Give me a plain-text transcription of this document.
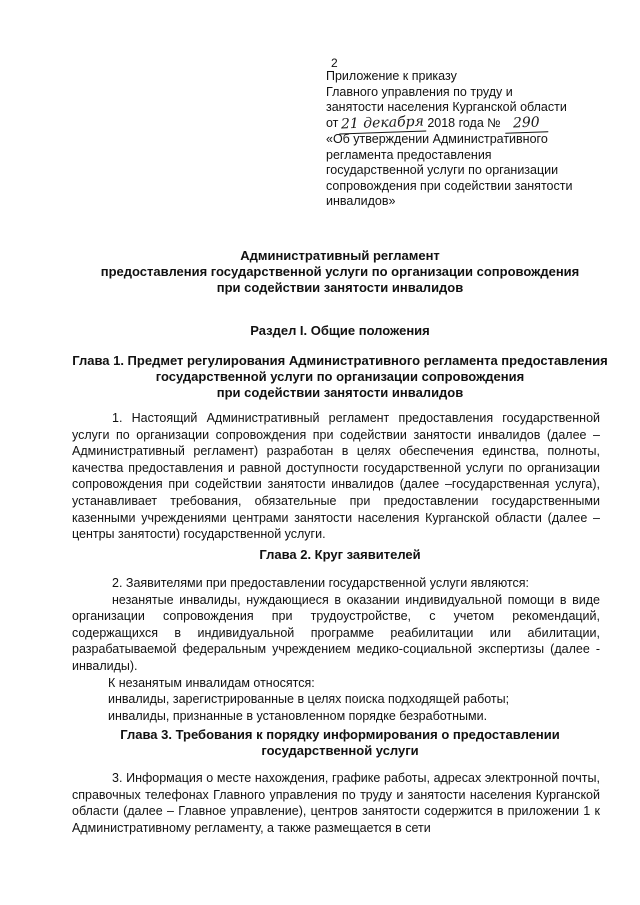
2
Приложение к приказу
Главного управления по труду и
занятости населения Курганской области
от 21 декабря 2018 года № 290
«Об утверждении Административного
регламента предоставления
государственной услуги по организации
сопровождения при содействии занятости
инвалидов»
Административный регламент
предоставления государственной услуги по организации сопровождения
при содействии занятости инвалидов
Раздел I. Общие положения
Глава 1. Предмет регулирования Административного регламента предоставления
государственной услуги по организации сопровождения
при содействии занятости инвалидов
1. Настоящий Административный регламент предоставления государственной услуги по организации сопровождения при содействии занятости инвалидов (далее – Административный регламент) разработан в целях обеспечения единства, полноты, качества предоставления и равной доступности государственной услуги по организации сопровождения при содействии занятости инвалидов (далее –государственная услуга), устанавливает требования, обязательные при предоставлении государственными казенными учреждениями центрами занятости населения Курганской области (далее – центры занятости) государственной услуги.
Глава 2. Круг заявителей
2. Заявителями при предоставлении государственной услуги являются:
незанятые инвалиды, нуждающиеся в оказании индивидуальной помощи в виде организации сопровождения при трудоустройстве, с учетом рекомендаций, содержащихся в индивидуальной программе реабилитации или абилитации, разрабатываемой федеральным учреждением медико-социальной экспертизы (далее - инвалиды).
К незанятым инвалидам относятся:
инвалиды, зарегистрированные в целях поиска подходящей работы;
инвалиды, признанные в установленном порядке безработными.
Глава 3. Требования к порядку информирования о предоставлении
государственной услуги
3. Информация о месте нахождения, графике работы, адресах электронной почты, справочных телефонах Главного управления по труду и занятости населения Курганской области (далее – Главное управление), центров занятости содержится в приложении 1 к Административному регламенту, а также размещается в сети
